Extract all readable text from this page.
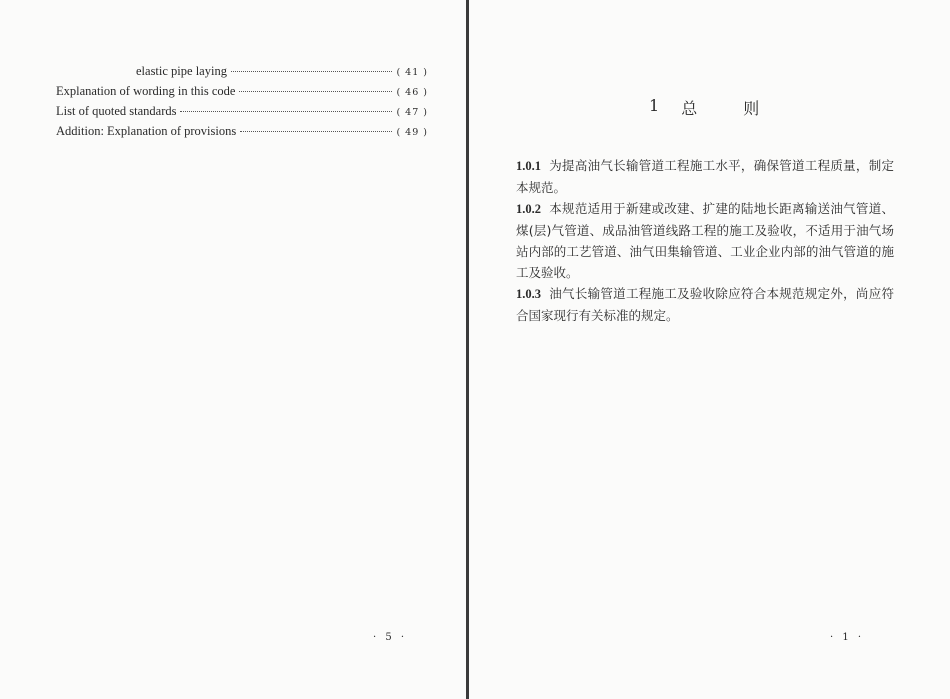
elastic pipe laying	( 41 )
Explanation of wording in this code	( 46 )
List of quoted standards	( 47 )
Addition: Explanation of provisions	( 49 )
· 5 ·
1 总	则

1.0.1 为提高油气长输管道工程施工水平，确保管道工程质量，制定本规范。

1.0.2 本规范适用于新建或改建、扩建的陆地长距离输送油气管道、煤(层)气管道、成品油管道线路工程的施工及验收，不适用于油气场站内部的工艺管道、油气田集输管道、工业企业内部的油气管道的施工及验收。

1.0.3 油气长输管道工程施工及验收除应符合本规范规定外，尚应符合国家现行有关标准的规定。

· 1 ·
